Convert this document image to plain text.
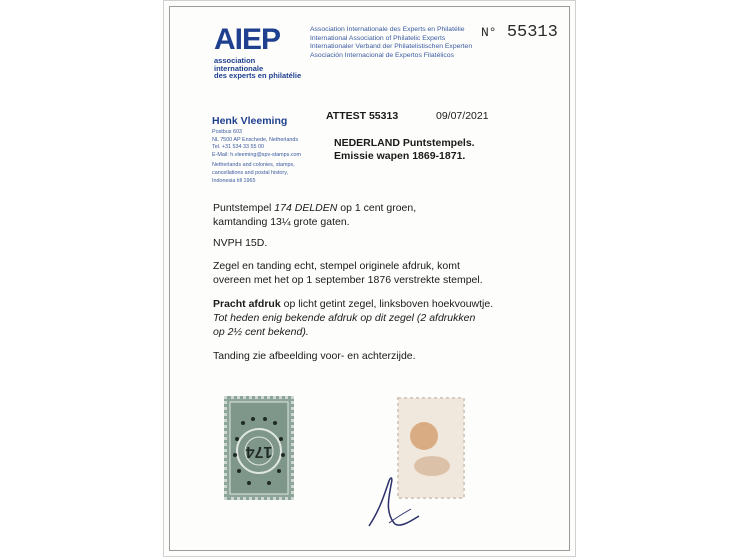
AIEP
association
internationale
des experts en philatélie
Association Internationale des Experts en Philatélie
International Association of Philatelic Experts
Internationaler Verband der Philatelistischen Experten
Asociación Internacional de Expertos Filatélicos
N° 55313
Henk Vleeming
Postbus 603
NL 7500 AP Enschede, Netherlands
Tel. +31 534 33 55 00
E-Mail: h.vleeming@spv-stamps.com
Netherlands and colonies, stamps,
cancellations and postal history,
Indonesia till 1965
ATTEST 55313	09/07/2021
NEDERLAND Puntstempels.
Emissie wapen 1869-1871.
Puntstempel 174 DELDEN op 1 cent groen,
kamtanding 13¼ grote gaten.
NVPH 15D.
Zegel en tanding echt, stempel originele afdruk, komt
overeen met het op 1 september 1876 verstrekte stempel.
Pracht afdruk op licht getint zegel, linksboven hoekvouwtje.
Tot heden enig bekende afdruk op dit zegel (2 afdrukken
op 2½ cent bekend).
Tanding zie afbeelding voor- en achterzijde.
174
